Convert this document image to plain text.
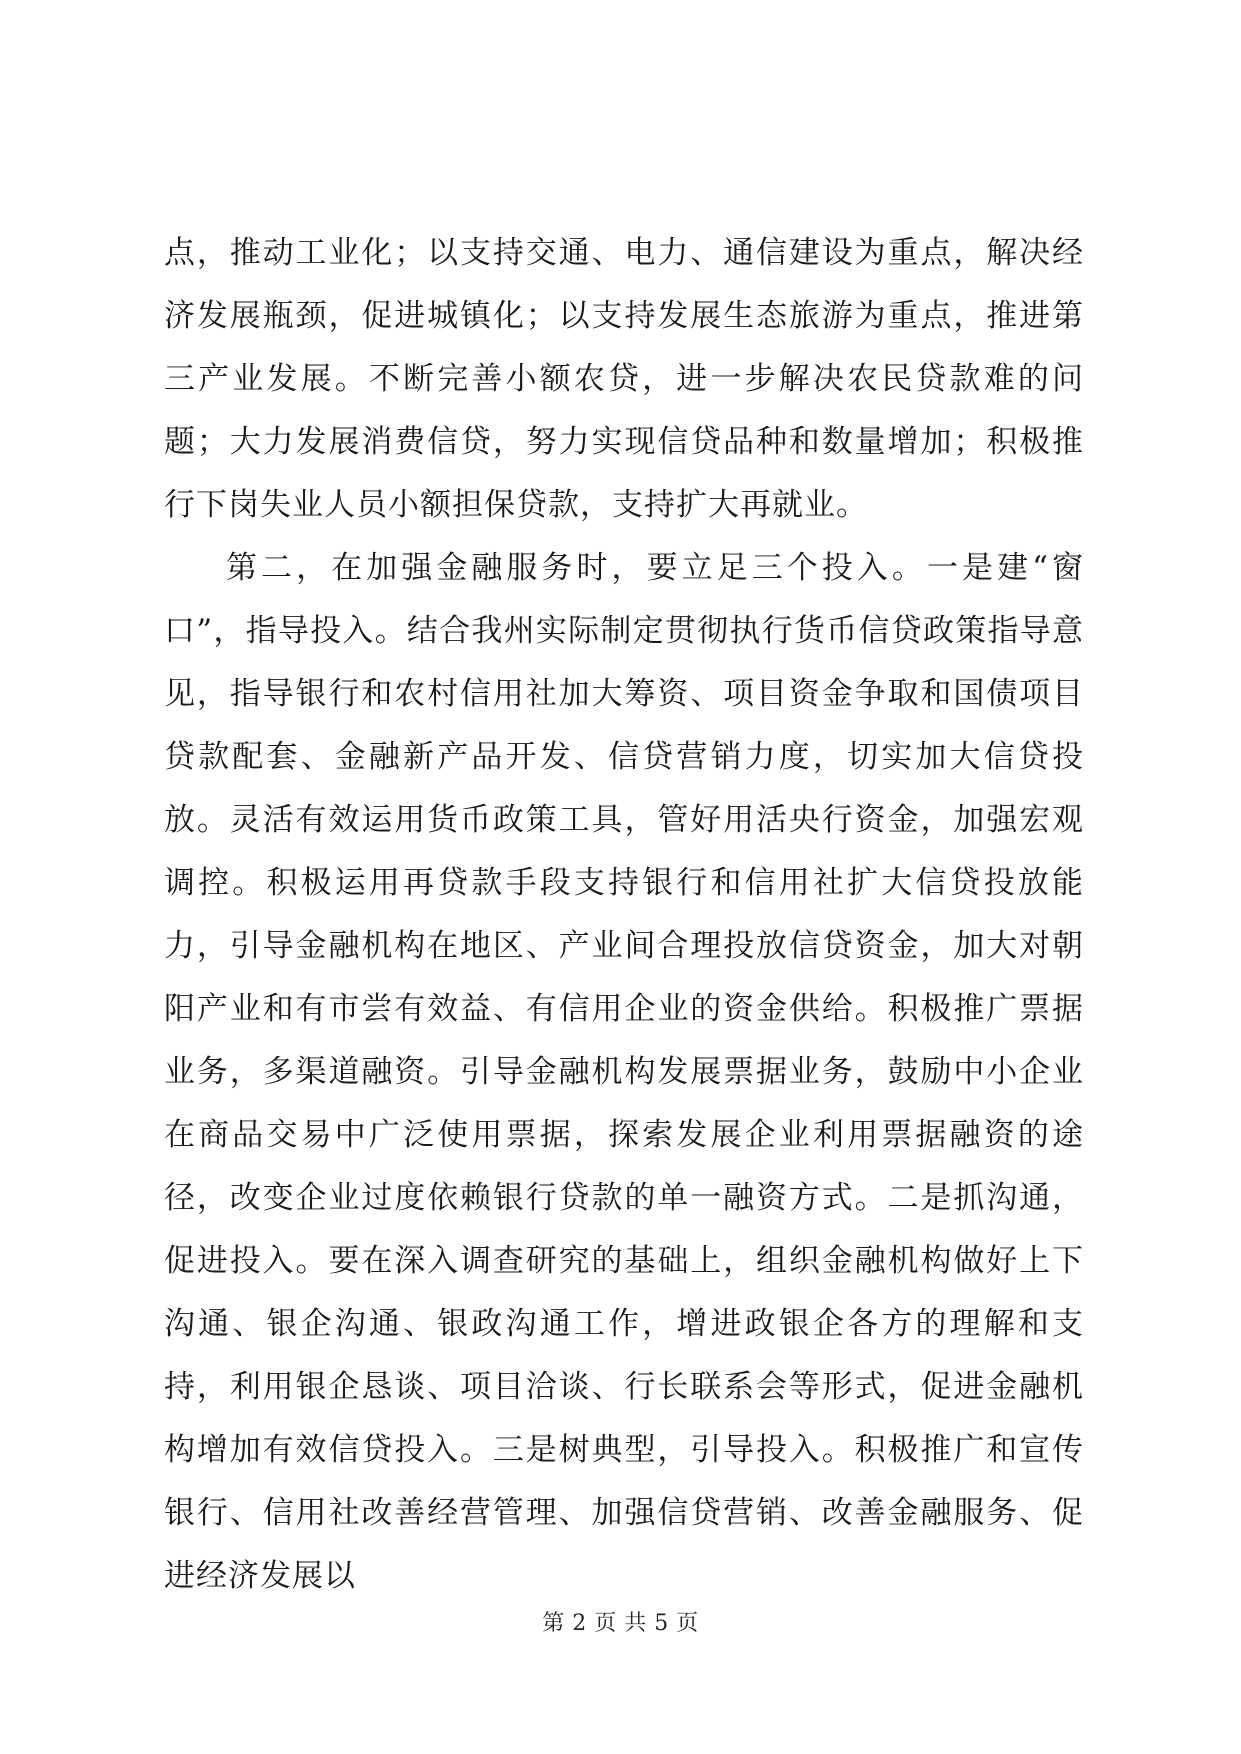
点，推动工业化；以支持交通、电力、通信建设为重点，解决经济发展瓶颈，促进城镇化；以支持发展生态旅游为重点，推进第三产业发展。不断完善小额农贷，进一步解决农民贷款难的问题；大力发展消费信贷，努力实现信贷品种和数量增加；积极推行下岗失业人员小额担保贷款，支持扩大再就业。

第二，在加强金融服务时，要立足三个投入。一是建“窗口”，指导投入。结合我州实际制定贯彻执行货币信贷政策指导意见，指导银行和农村信用社加大筹资、项目资金争取和国债项目贷款配套、金融新产品开发、信贷营销力度，切实加大信贷投放。灵活有效运用货币政策工具，管好用活央行资金，加强宏观调控。积极运用再贷款手段支持银行和信用社扩大信贷投放能力，引导金融机构在地区、产业间合理投放信贷资金，加大对朝阳产业和有市尝有效益、有信用企业的资金供给。积极推广票据业务，多渠道融资。引导金融机构发展票据业务，鼓励中小企业在商品交易中广泛使用票据，探索发展企业利用票据融资的途径，改变企业过度依赖银行贷款的单一融资方式。二是抓沟通，促进投入。要在深入调查研究的基础上，组织金融机构做好上下沟通、银企沟通、银政沟通工作，增进政银企各方的理解和支持，利用银企恳谈、项目洽谈、行长联系会等形式，促进金融机构增加有效信贷投入。三是树典型，引导投入。积极推广和宣传银行、信用社改善经营管理、加强信贷营销、改善金融服务、促进经济发展以

第 2 页 共 5 页
